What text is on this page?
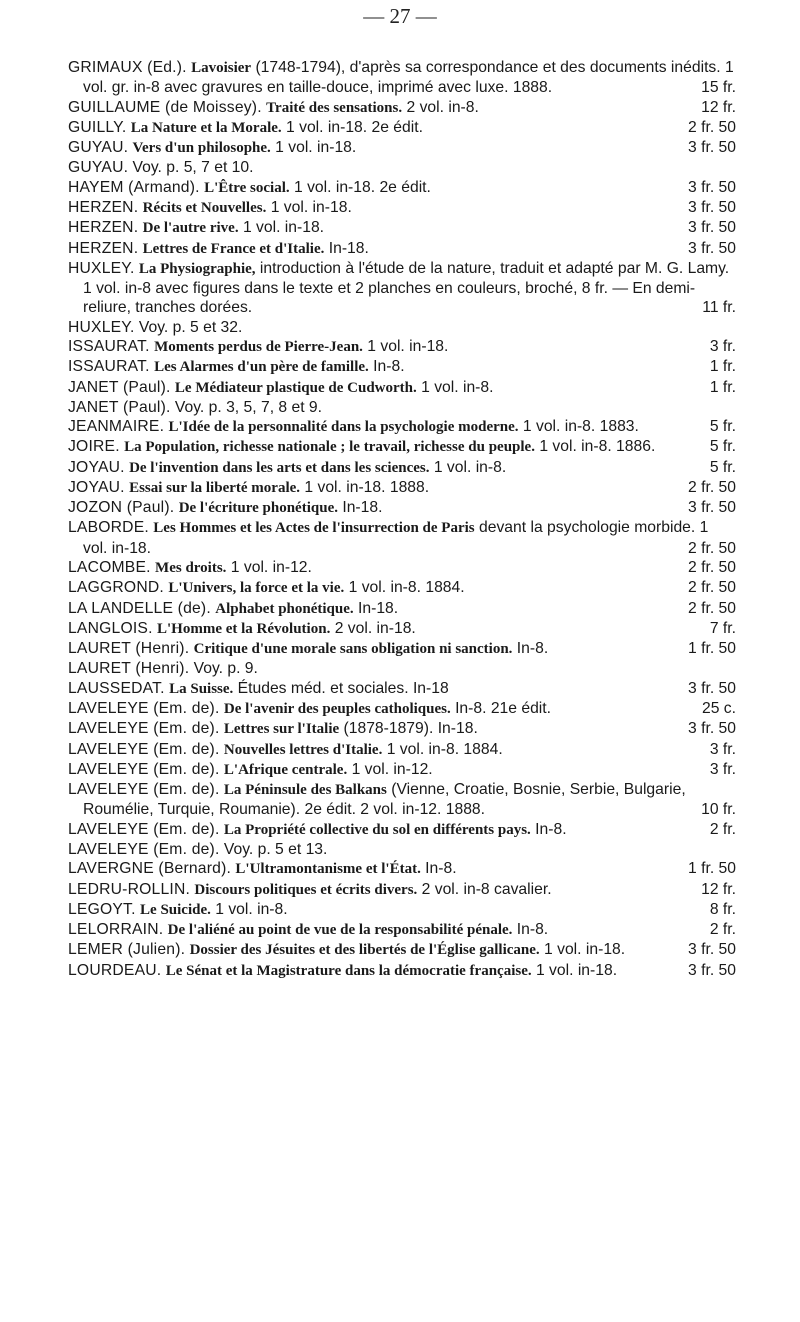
— 27 —
GRIMAUX (Ed.). Lavoisier (1748-1794), d'après sa correspondance et des documents inédits. 1 vol. gr. in-8 avec gravures en taille-douce, imprimé avec luxe. 1888.	15 fr.
GUILLAUME (de Moissey). Traité des sensations. 2 vol. in-8.	12 fr.
GUILLY. La Nature et la Morale. 1 vol. in-18. 2e édit.	2 fr. 50
GUYAU. Vers d'un philosophe. 1 vol. in-18.	3 fr. 50
GUYAU. Voy. p. 5, 7 et 10.
HAYEM (Armand). L'Être social. 1 vol. in-18. 2e édit.	3 fr. 50
HERZEN. Récits et Nouvelles. 1 vol. in-18.	3 fr. 50
HERZEN. De l'autre rive. 1 vol. in-18.	3 fr. 50
HERZEN. Lettres de France et d'Italie. In-18.	3 fr. 50
HUXLEY. La Physiographie, introduction à l'étude de la nature, traduit et adapté par M. G. Lamy. 1 vol. in-8 avec figures dans le texte et 2 planches en couleurs, broché, 8 fr. — En demi-reliure, tranches dorées.	11 fr.
HUXLEY. Voy. p. 5 et 32.
ISSAURAT. Moments perdus de Pierre-Jean. 1 vol. in-18.	3 fr.
ISSAURAT. Les Alarmes d'un père de famille. In-8.	1 fr.
JANET (Paul). Le Médiateur plastique de Cudworth. 1 vol. in-8.	1 fr.
JANET (Paul). Voy. p. 3, 5, 7, 8 et 9.
JEANMAIRE. L'Idée de la personnalité dans la psychologie moderne. 1 vol. in-8. 1883.	5 fr.
JOIRE. La Population, richesse nationale ; le travail, richesse du peuple. 1 vol. in-8. 1886.	5 fr.
JOYAU. De l'invention dans les arts et dans les sciences. 1 vol. in-8.	5 fr.
JOYAU. Essai sur la liberté morale. 1 vol. in-18. 1888.	2 fr. 50
JOZON (Paul). De l'écriture phonétique. In-18.	3 fr. 50
LABORDE. Les Hommes et les Actes de l'insurrection de Paris devant la psychologie morbide. 1 vol. in-18.	2 fr. 50
LACOMBE. Mes droits. 1 vol. in-12.	2 fr. 50
LAGGROND. L'Univers, la force et la vie. 1 vol. in-8. 1884.	2 fr. 50
LA LANDELLE (de). Alphabet phonétique. In-18.	2 fr. 50
LANGLOIS. L'Homme et la Révolution. 2 vol. in-18.	7 fr.
LAURET (Henri). Critique d'une morale sans obligation ni sanction. In-8.	1 fr. 50
LAURET (Henri). Voy. p. 9.
LAUSSEDAT. La Suisse. Études méd. et sociales. In-18	3 fr. 50
LAVELEYE (Em. de). De l'avenir des peuples catholiques. In-8. 21e édit.	25 c.
LAVELEYE (Em. de). Lettres sur l'Italie (1878-1879). In-18.	3 fr. 50
LAVELEYE (Em. de). Nouvelles lettres d'Italie. 1 vol. in-8. 1884.	3 fr.
LAVELEYE (Em. de). L'Afrique centrale. 1 vol. in-12.	3 fr.
LAVELEYE (Em. de). La Péninsule des Balkans (Vienne, Croatie, Bosnie, Serbie, Bulgarie, Roumélie, Turquie, Roumanie). 2e édit. 2 vol. in-12. 1888.	10 fr.
LAVELEYE (Em. de). La Propriété collective du sol en différents pays. In-8.	2 fr.
LAVELEYE (Em. de). Voy. p. 5 et 13.
LAVERGNE (Bernard). L'Ultramontanisme et l'État. In-8.	1 fr. 50
LEDRU-ROLLIN. Discours politiques et écrits divers. 2 vol. in-8 cavalier.	12 fr.
LEGOYT. Le Suicide. 1 vol. in-8.	8 fr.
LELORRAIN. De l'aliéné au point de vue de la responsabilité pénale. In-8.	2 fr.
LEMER (Julien). Dossier des Jésuites et des libertés de l'Église gallicane. 1 vol. in-18.	3 fr. 50
LOURDEAU. Le Sénat et la Magistrature dans la démocratie française. 1 vol. in-18.	3 fr. 50
